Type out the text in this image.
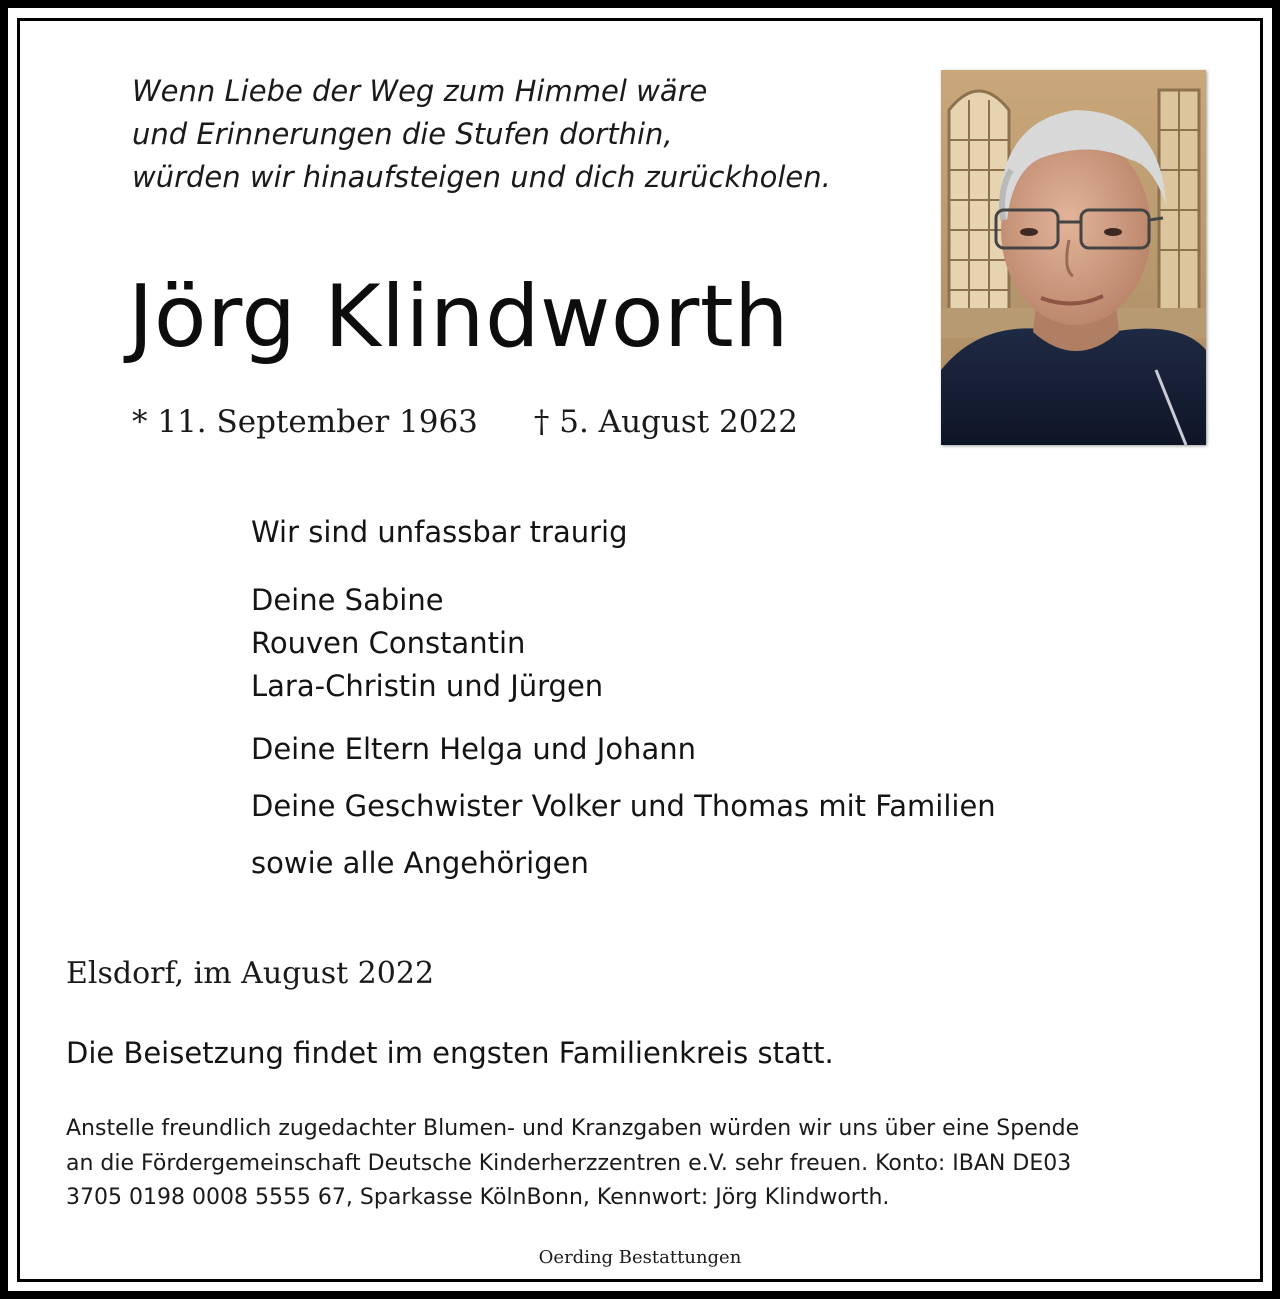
Wenn Liebe der Weg zum Himmel wäre
und Erinnerungen die Stufen dorthin,
würden wir hinaufsteigen und dich zurückholen.
Jörg Klindworth
* 11. September 1963 † 5. August 2022
Wir sind unfassbar traurig
Deine Sabine
Rouven Constantin
Lara-Christin und Jürgen
Deine Eltern Helga und Johann
Deine Geschwister Volker und Thomas mit Familien
sowie alle Angehörigen
Elsdorf, im August 2022
Die Beisetzung findet im engsten Familienkreis statt.
Anstelle freundlich zugedachter Blumen- und Kranzgaben würden wir uns über eine Spende
an die Fördergemeinschaft Deutsche Kinderherzzentren e.V. sehr freuen. Konto: IBAN DE03
3705 0198 0008 5555 67, Sparkasse KölnBonn, Kennwort: Jörg Klindworth.
Oerding Bestattungen
